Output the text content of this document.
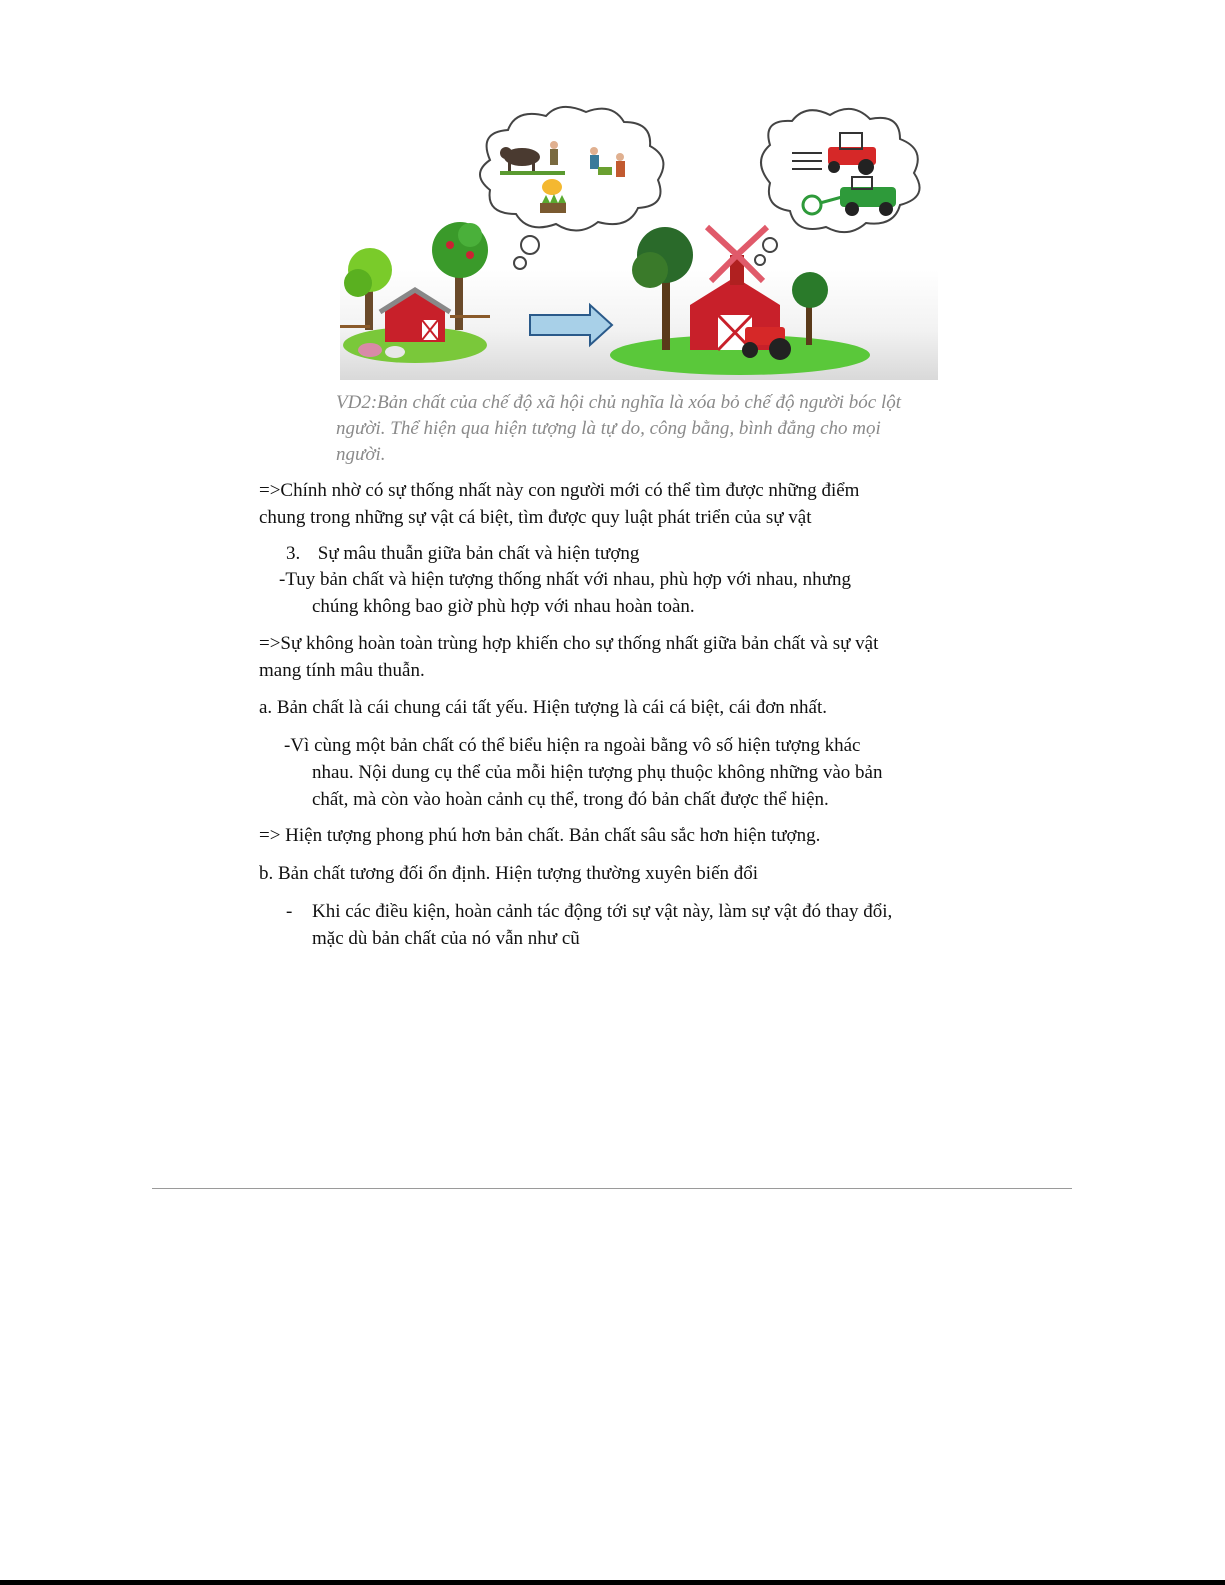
VD2:Bản chất của chế độ xã hội chủ nghĩa là xóa bỏ chế độ người bóc lột
người. Thể hiện qua hiện tượng là tự do, công bằng, bình đẳng cho mọi
người.
=>Chính nhờ có sự thống nhất này con người mới có thể tìm được những điểm
chung trong những sự vật cá biệt, tìm được quy luật phát triển của sự vật
3. Sự mâu thuẫn giữa bản chất và hiện tượng
-Tuy bản chất và hiện tượng thống nhất với nhau, phù hợp với nhau, nhưng
chúng không bao giờ phù hợp với nhau hoàn toàn.
=>Sự không hoàn toàn trùng hợp khiến cho sự thống nhất giữa bản chất và sự vật
mang tính mâu thuẫn.
a. Bản chất là cái chung cái tất yếu. Hiện tượng là cái cá biệt, cái đơn nhất.
-Vì cùng một bản chất có thể biểu hiện ra ngoài bằng vô số hiện tượng khác
nhau. Nội dung cụ thể của mỗi hiện tượng phụ thuộc không những vào bản
chất, mà còn vào hoàn cảnh cụ thể, trong đó bản chất được thể hiện.
=> Hiện tượng phong phú hơn bản chất. Bản chất sâu sắc hơn hiện tượng.
b. Bản chất tương đối ổn định. Hiện tượng thường xuyên biến đổi
- Khi các điều kiện, hoàn cảnh tác động tới sự vật này, làm sự vật đó thay đổi,
mặc dù bản chất của nó vẫn như cũ
